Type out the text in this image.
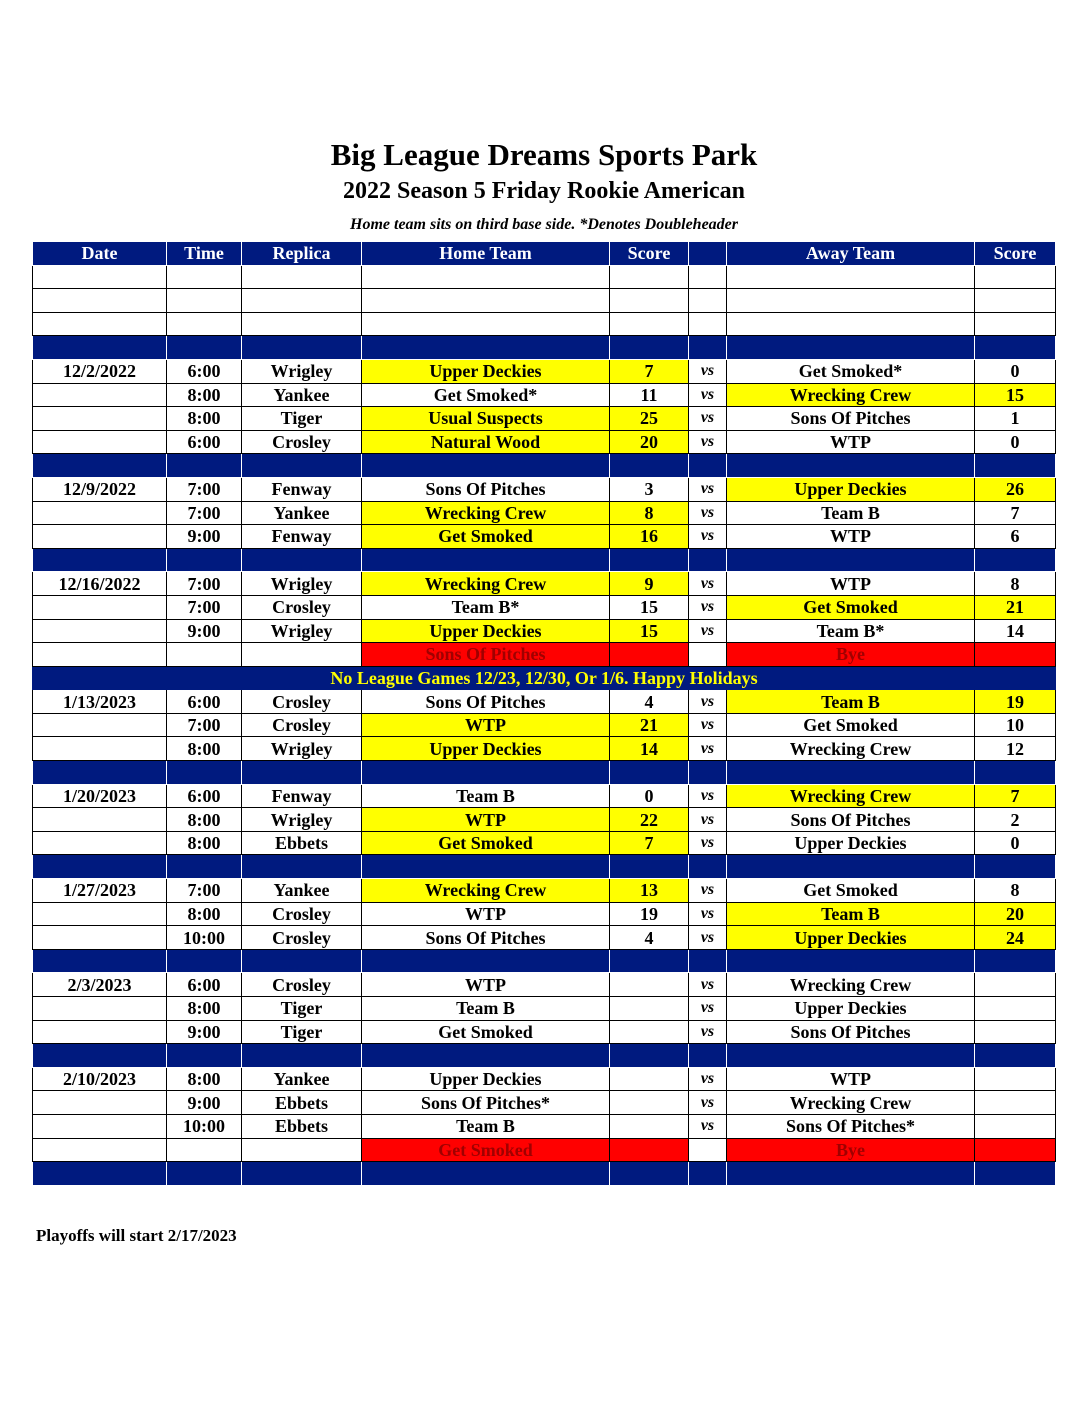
Big League Dreams Sports Park
2022 Season 5 Friday Rookie American
Home team sits on third base side. *Denotes Doubleheader
Date	Time	Replica	Home Team	Score		Away Team	Score

12/2/2022	6:00	Wrigley	Upper Deckies	7	vs	Get Smoked*	0
	8:00	Yankee	Get Smoked*	11	vs	Wrecking Crew	15
	8:00	Tiger	Usual Suspects	25	vs	Sons Of Pitches	1
	6:00	Crosley	Natural Wood	20	vs	WTP	0

12/9/2022	7:00	Fenway	Sons Of Pitches	3	vs	Upper Deckies	26
	7:00	Yankee	Wrecking Crew	8	vs	Team B	7
	9:00	Fenway	Get Smoked	16	vs	WTP	6

12/16/2022	7:00	Wrigley	Wrecking Crew	9	vs	WTP	8
	7:00	Crosley	Team B*	15	vs	Get Smoked	21
	9:00	Wrigley	Upper Deckies	15	vs	Team B*	14
			Sons Of Pitches			Bye	
No League Games 12/23, 12/30, Or 1/6. Happy Holidays							
1/13/2023	6:00	Crosley	Sons Of Pitches	4	vs	Team B	19
	7:00	Crosley	WTP	21	vs	Get Smoked	10
	8:00	Wrigley	Upper Deckies	14	vs	Wrecking Crew	12

1/20/2023	6:00	Fenway	Team B	0	vs	Wrecking Crew	7
	8:00	Wrigley	WTP	22	vs	Sons Of Pitches	2
	8:00	Ebbets	Get Smoked	7	vs	Upper Deckies	0

1/27/2023	7:00	Yankee	Wrecking Crew	13	vs	Get Smoked	8
	8:00	Crosley	WTP	19	vs	Team B	20
	10:00	Crosley	Sons Of Pitches	4	vs	Upper Deckies	24

2/3/2023	6:00	Crosley	WTP		vs	Wrecking Crew	
	8:00	Tiger	Team B		vs	Upper Deckies	
	9:00	Tiger	Get Smoked		vs	Sons Of Pitches	

2/10/2023	8:00	Yankee	Upper Deckies		vs	WTP	
	9:00	Ebbets	Sons Of Pitches*		vs	Wrecking Crew	
	10:00	Ebbets	Team B		vs	Sons Of Pitches*	
			Get Smoked			Bye	

Playoffs will start 2/17/2023
